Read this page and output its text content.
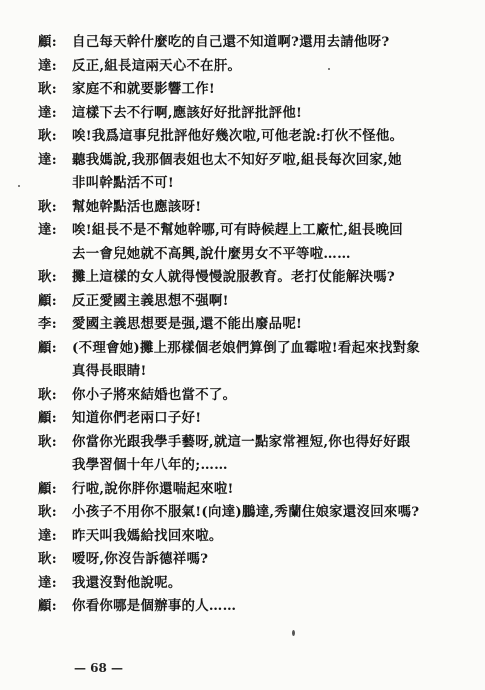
顧:	自己每天幹什麼吃的自己還不知道啊?還用去請他呀?
達:	反正,組長這兩天心不在肝。
耿:	家庭不和就要影響工作!
達:	這樣下去不行啊,應該好好批評批評他!
耿:	唉!我爲這事兒批評他好幾次啦,可他老說:打伙不怪他。
達:	聽我媽說,我那個表姐也太不知好歹啦,組長每次回家,她
非叫幹點活不可!
耿:	幫她幹點活也應該呀!
達:	唉!組長不是不幫她幹哪,可有時候趕上工廠忙,組長晚回
去一會兒她就不高興,說什麼男女不平等啦……
耿:	攤上這樣的女人就得慢慢說服教育。老打仗能解決嗎?
顧:	反正愛國主義思想不强啊!
李:	愛國主義思想要是强,還不能出廢品呢!
顧:	(不理會她)攤上那樣個老娘們算倒了血霉啦!看起來找對象
真得長眼睛!
耿:	你小子將來結婚也當不了。
顧:	知道你們老兩口子好!
耿:	你當你光跟我學手藝呀,就這一點家常裡短,你也得好好跟
我學習個十年八年的;……
顧:	行啦,說你胖你還喘起來啦!
耿:	小孩子不用你不服氣!(向達)鵬達,秀蘭住娘家還沒回來嗎?
達:	昨天叫我媽給找回來啦。
耿:	嗳呀,你沒告訴德祥嗎?
達:	我還沒對他說呢。
顧:	你看你哪是個辦事的人……
— 68 —
